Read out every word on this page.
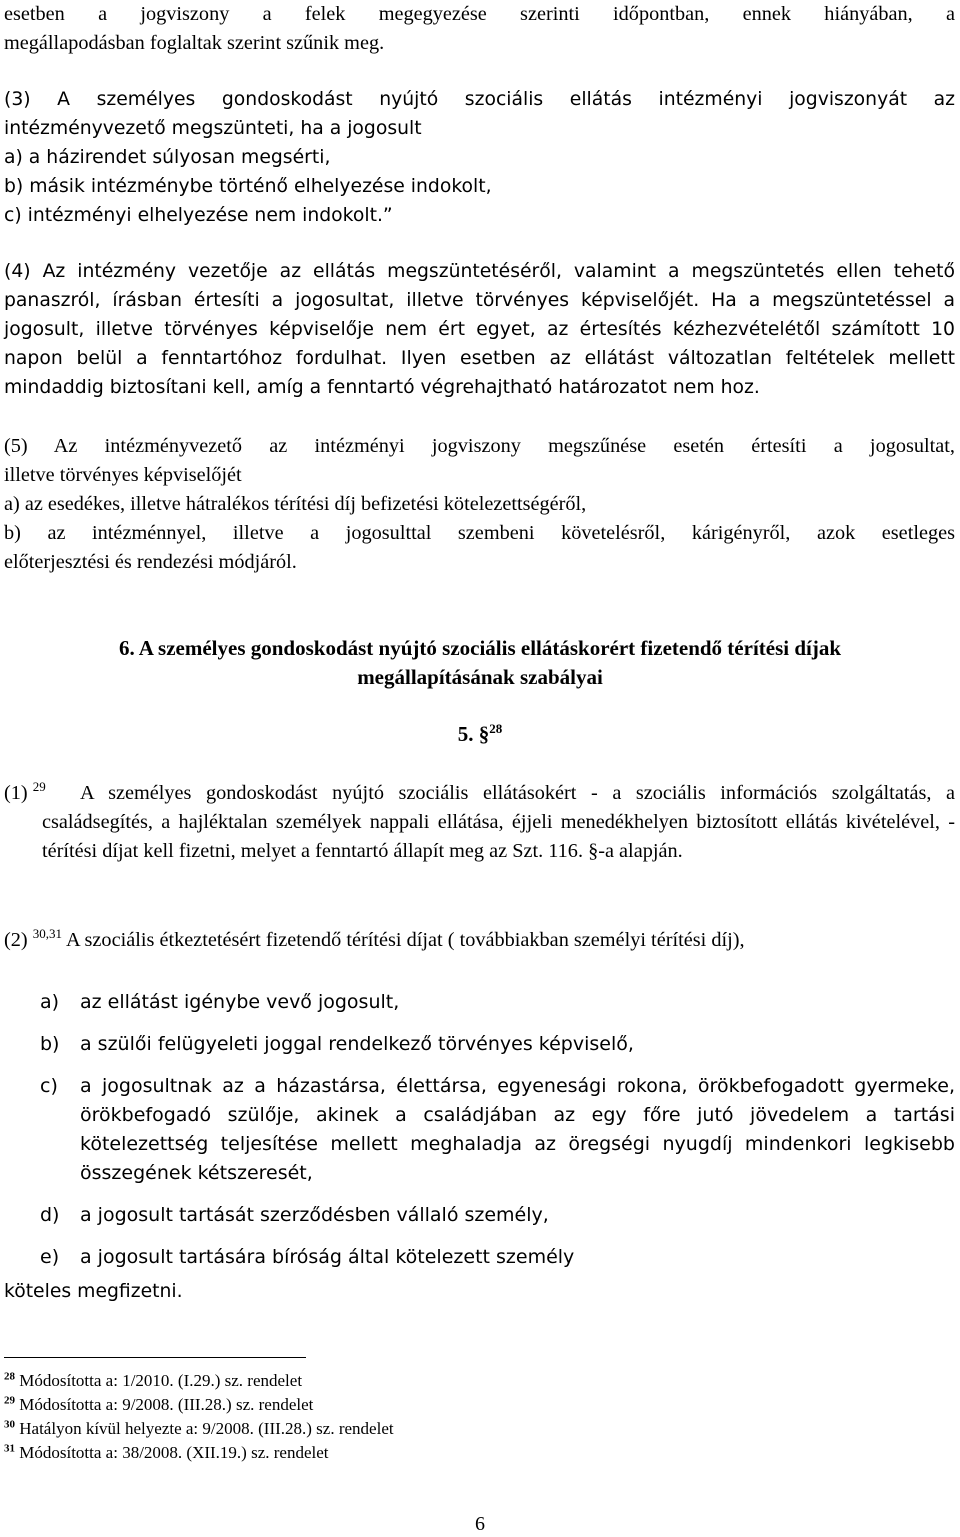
esetben a jogviszony a felek megegyezése szerinti időpontban, ennek hiányában, a
megállapodásban foglaltak szerint szűnik meg.
(3) A személyes gondoskodást nyújtó szociális ellátás intézményi jogviszonyát az
intézményvezető megszünteti, ha a jogosult
a) a házirendet súlyosan megsérti,
b) másik intézménybe történő elhelyezése indokolt,
c) intézményi elhelyezése nem indokolt.”
(4) Az intézmény vezetője az ellátás megszüntetéséről, valamint a megszüntetés ellen tehető panaszról, írásban értesíti a jogosultat, illetve törvényes képviselőjét. Ha a megszüntetéssel a jogosult, illetve törvényes képviselője nem ért egyet, az értesítés kézhezvételétől számított 10 napon belül a fenntartóhoz fordulhat. Ilyen esetben az ellátást változatlan feltételek mellett mindaddig biztosítani kell, amíg a fenntartó végrehajtható határozatot nem hoz.
(5) Az intézményvezető az intézményi jogviszony megszűnése esetén értesíti a jogosultat,
illetve törvényes képviselőjét
a) az esedékes, illetve hátralékos térítési díj befizetési kötelezettségéről,
b) az intézménnyel, illetve a jogosulttal szembeni követelésről, kárigényről, azok esetleges
előterjesztési és rendezési módjáról.
6. A személyes gondoskodást nyújtó szociális ellátáskorért fizetendő térítési díjak
megállapításának szabályai
5. §$^{28}$
(1) $^{29}$	A személyes gondoskodást nyújtó szociális ellátásokért - a szociális információs szolgáltatás, a családsegítés, a hajléktalan személyek nappali ellátása, éjjeli menedékhelyen biztosított ellátás kivételével, - térítési díjat kell fizetni, melyet a fenntartó állapít meg az Szt. 116. §-a alapján.
(2) $^{30,31}$ A szociális étkeztetésért fizetendő térítési díjat ( továbbiakban személyi térítési díj),
a) az ellátást igénybe vevő jogosult,
b) a szülői felügyeleti joggal rendelkező törvényes képviselő,
c) a jogosultnak az a házastársa, élettársa, egyenesági rokona, örökbefogadott gyermeke, örökbefogadó szülője, akinek a családjában az egy főre jutó jövedelem a tartási kötelezettség teljesítése mellett meghaladja az öregségi nyugdíj mindenkori legkisebb összegének kétszeresét,
d) a jogosult tartását szerződésben vállaló személy,
e) a jogosult tartására bíróság által kötelezett személy
köteles megfizetni.
$^{28}$ Módosította a: 1/2010. (I.29.) sz. rendelet
$^{29}$ Módosította a: 9/2008. (III.28.) sz. rendelet
$^{30}$ Hatályon kívül helyezte a: 9/2008. (III.28.) sz. rendelet
$^{31}$ Módosította a: 38/2008. (XII.19.) sz. rendelet
6
